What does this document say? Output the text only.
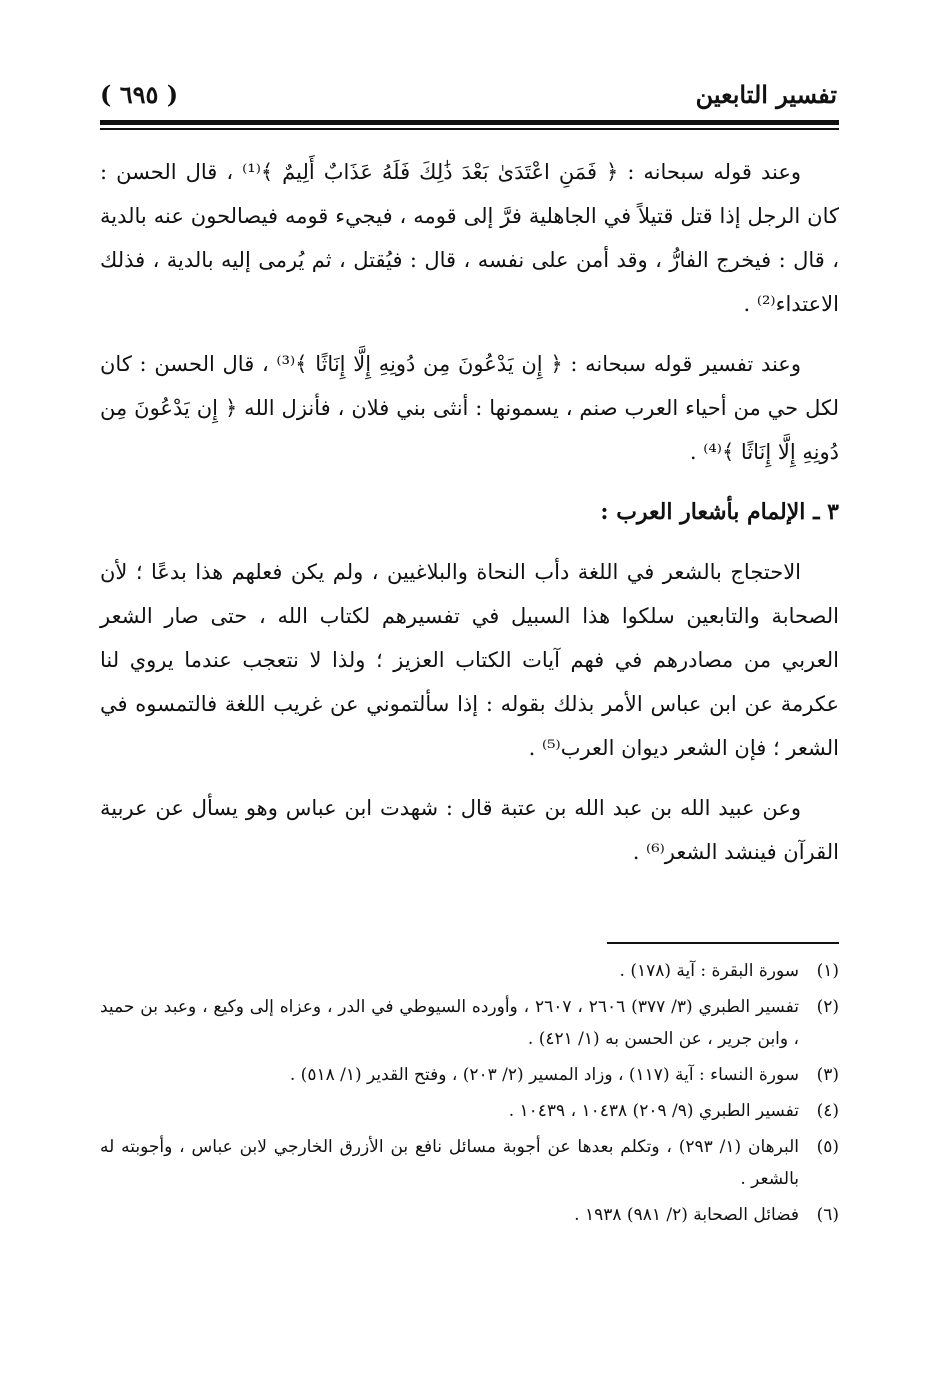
( ٦٩٥ )	تفسير التابعين

وعند قوله سبحانه : ﴿ فَمَنِ اعْتَدَىٰ بَعْدَ ذَٰلِكَ فَلَهُ عَذَابٌ أَلِيمٌ ﴾⁽¹⁾ ، قال الحسن : كان الرجل إذا قتل قتيلاً في الجاهلية فرَّ إلى قومه ، فيجيء قومه فيصالحون عنه بالدية ، قال : فيخرج الفارُّ ، وقد أمن على نفسه ، قال : فيُقتل ، ثم يُرمى إليه بالدية ، فذلك الاعتداء⁽²⁾ .

وعند تفسير قوله سبحانه : ﴿ إِن يَدْعُونَ مِن دُونِهِ إِلَّا إِنَاثًا ﴾⁽³⁾ ، قال الحسن : كان لكل حي من أحياء العرب صنم ، يسمونها : أنثى بني فلان ، فأنزل الله ﴿ إِن يَدْعُونَ مِن دُونِهِ إِلَّا إِنَاثًا ﴾⁽⁴⁾ .

٣ ـ الإلمام بأشعار العرب :

الاحتجاج بالشعر في اللغة دأب النحاة والبلاغيين ، ولم يكن فعلهم هذا بدعًا ؛ لأن الصحابة والتابعين سلكوا هذا السبيل في تفسيرهم لكتاب الله ، حتى صار الشعر العربي من مصادرهم في فهم آيات الكتاب العزيز ؛ ولذا لا نتعجب عندما يروي لنا عكرمة عن ابن عباس الأمر بذلك بقوله : إذا سألتموني عن غريب اللغة فالتمسوه في الشعر ؛ فإن الشعر ديوان العرب⁽⁵⁾ .

وعن عبيد الله بن عبد الله بن عتبة قال : شهدت ابن عباس وهو يسأل عن عربية القرآن فينشد الشعر⁽⁶⁾ .

(١)
سورة البقرة : آية (١٧٨) .
(٢)
تفسير الطبري (٣/ ٣٧٧) ٢٦٠٦ ، ٢٦٠٧ ، وأورده السيوطي في الدر ، وعزاه إلى وكيع ، وعبد بن حميد ، وابن جرير ، عن الحسن به (١/ ٤٢١) .
(٣)
سورة النساء : آية (١١٧) ، وزاد المسير (٢/ ٢٠٣) ، وفتح القدير (١/ ٥١٨) .
(٤)
تفسير الطبري (٩/ ٢٠٩) ١٠٤٣٨ ، ١٠٤٣٩ .
(٥)
البرهان (١/ ٢٩٣) ، وتكلم بعدها عن أجوبة مسائل نافع بن الأزرق الخارجي لابن عباس ، وأجوبته له بالشعر .
(٦)
فضائل الصحابة (٢/ ٩٨١) ١٩٣٨ .
